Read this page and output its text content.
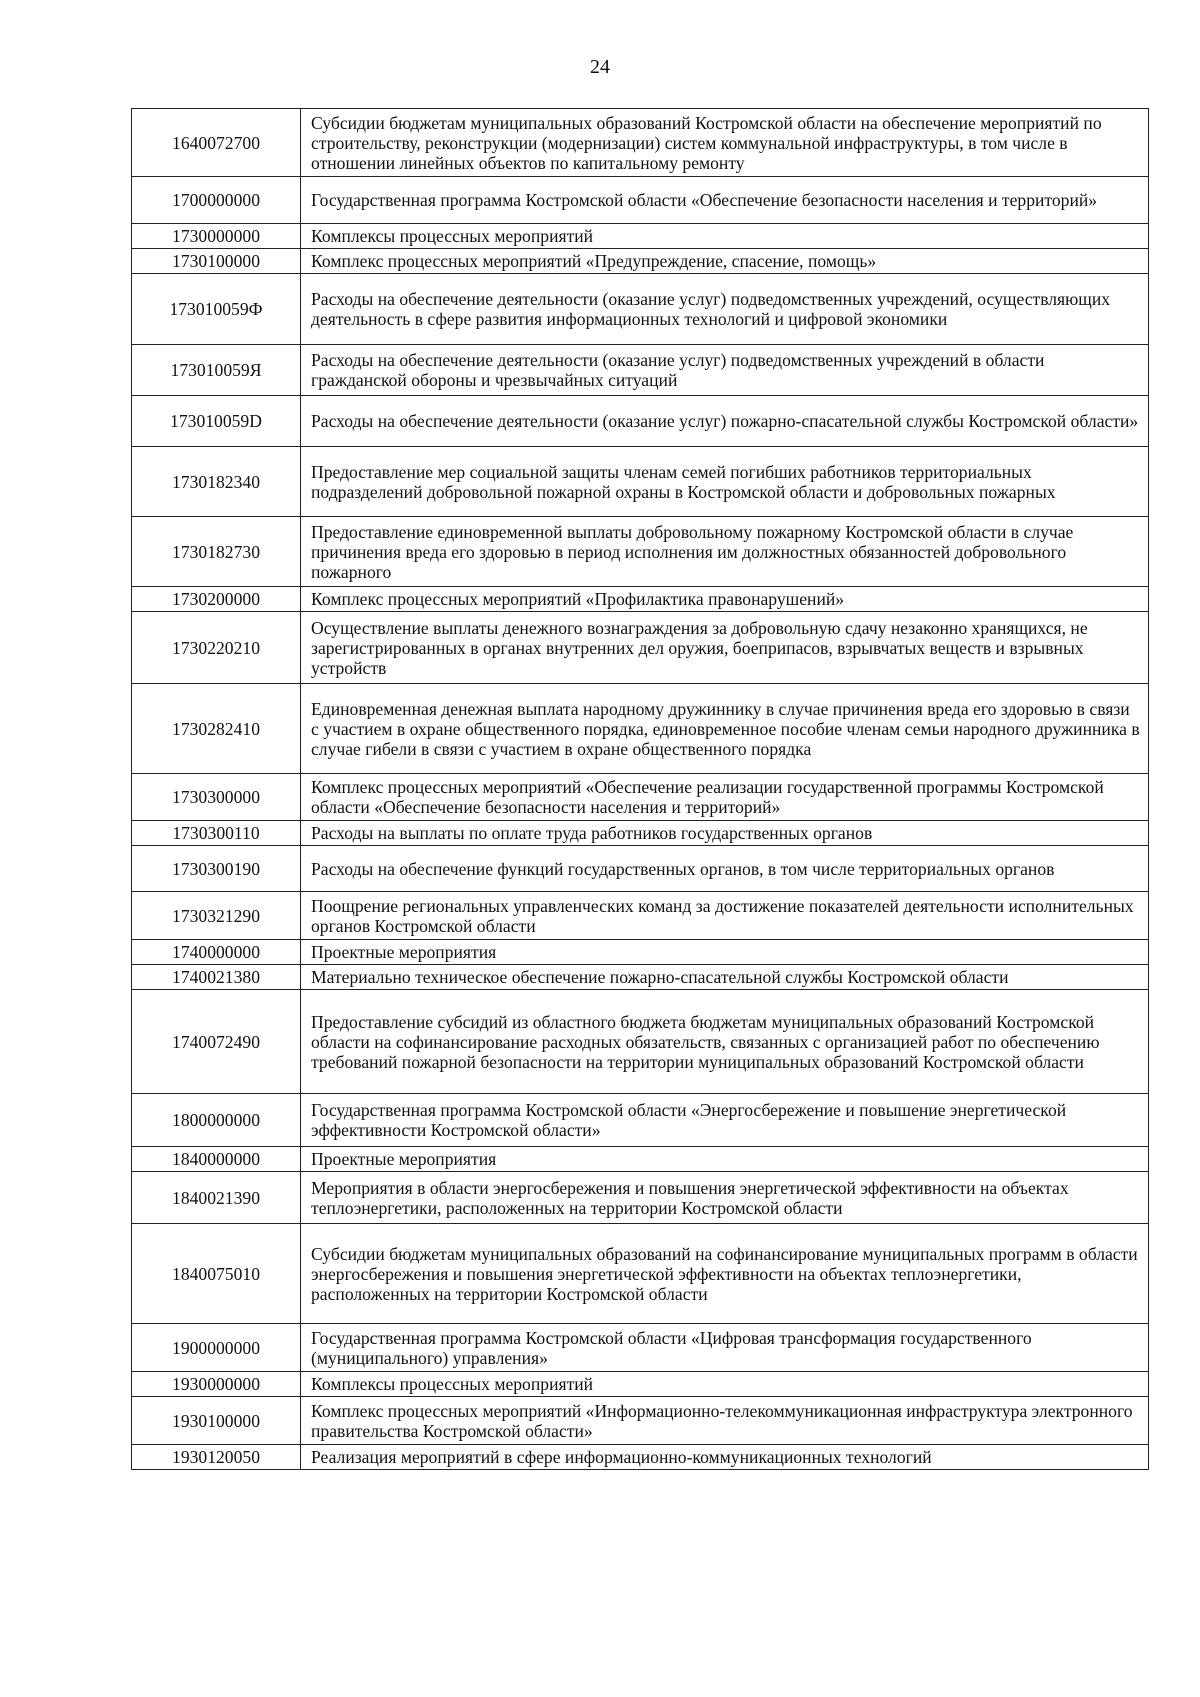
24
1640072700	Субсидии бюджетам муниципальных образований Костромской области на обеспечение мероприятий по строительству, реконструкции (модернизации) систем коммунальной инфраструктуры, в том числе в отношении линейных объектов по капитальному ремонту
1700000000	Государственная программа Костромской области «Обеспечение безопасности населения и территорий»
1730000000	Комплексы процессных мероприятий
1730100000	Комплекс процессных мероприятий «Предупреждение, спасение, помощь»
173010059Ф	Расходы на обеспечение деятельности (оказание услуг) подведомственных учреждений, осуществляющих деятельность в сфере развития информационных технологий и цифровой экономики
173010059Я	Расходы на обеспечение деятельности (оказание услуг) подведомственных учреждений в области гражданской обороны и чрезвычайных ситуаций
173010059D	Расходы на обеспечение деятельности (оказание услуг) пожарно-спасательной службы Костромской области»
1730182340	Предоставление мер социальной защиты членам семей погибших работников территориальных подразделений добровольной пожарной охраны в Костромской области и добровольных пожарных
1730182730	Предоставление единовременной выплаты добровольному пожарному Костромской области в случае причинения вреда его здоровью в период исполнения им должностных обязанностей добровольного пожарного
1730200000	Комплекс процессных мероприятий «Профилактика правонарушений»
1730220210	Осуществление выплаты денежного вознаграждения за добровольную сдачу незаконно хранящихся, не зарегистрированных в органах внутренних дел оружия, боеприпасов, взрывчатых веществ и взрывных устройств
1730282410	Единовременная денежная выплата народному дружиннику в случае причинения вреда его здоровью в связи с участием в охране общественного порядка, единовременное пособие членам семьи народного дружинника в случае гибели в связи с участием в охране общественного порядка
1730300000	Комплекс процессных мероприятий «Обеспечение реализации государственной программы Костромской области «Обеспечение безопасности населения и территорий»
1730300110	Расходы на выплаты по оплате труда работников государственных органов
1730300190	Расходы на обеспечение функций государственных органов, в том числе территориальных органов
1730321290	Поощрение региональных управленческих команд за достижение показателей деятельности исполнительных органов Костромской области
1740000000	Проектные мероприятия
1740021380	Материально техническое обеспечение пожарно-спасательной службы Костромской области
1740072490	Предоставление субсидий из областного бюджета бюджетам муниципальных образований Костромской области на софинансирование расходных обязательств, связанных с организацией работ по обеспечению требований пожарной безопасности на территории муниципальных образований Костромской области
1800000000	Государственная программа Костромской области «Энергосбережение и повышение энергетической эффективности Костромской области»
1840000000	Проектные мероприятия
1840021390	Мероприятия в области энергосбережения и повышения энергетической эффективности на объектах теплоэнергетики, расположенных на территории Костромской области
1840075010	Субсидии бюджетам муниципальных образований на софинансирование муниципальных программ в области энергосбережения и повышения энергетической эффективности на объектах теплоэнергетики, расположенных на территории Костромской области
1900000000	Государственная программа Костромской области «Цифровая трансформация государственного (муниципального) управления»
1930000000	Комплексы процессных мероприятий
1930100000	Комплекс процессных мероприятий «Информационно-телекоммуникационная инфраструктура электронного правительства Костромской области»
1930120050	Реализация мероприятий в сфере информационно-коммуникационных технологий
